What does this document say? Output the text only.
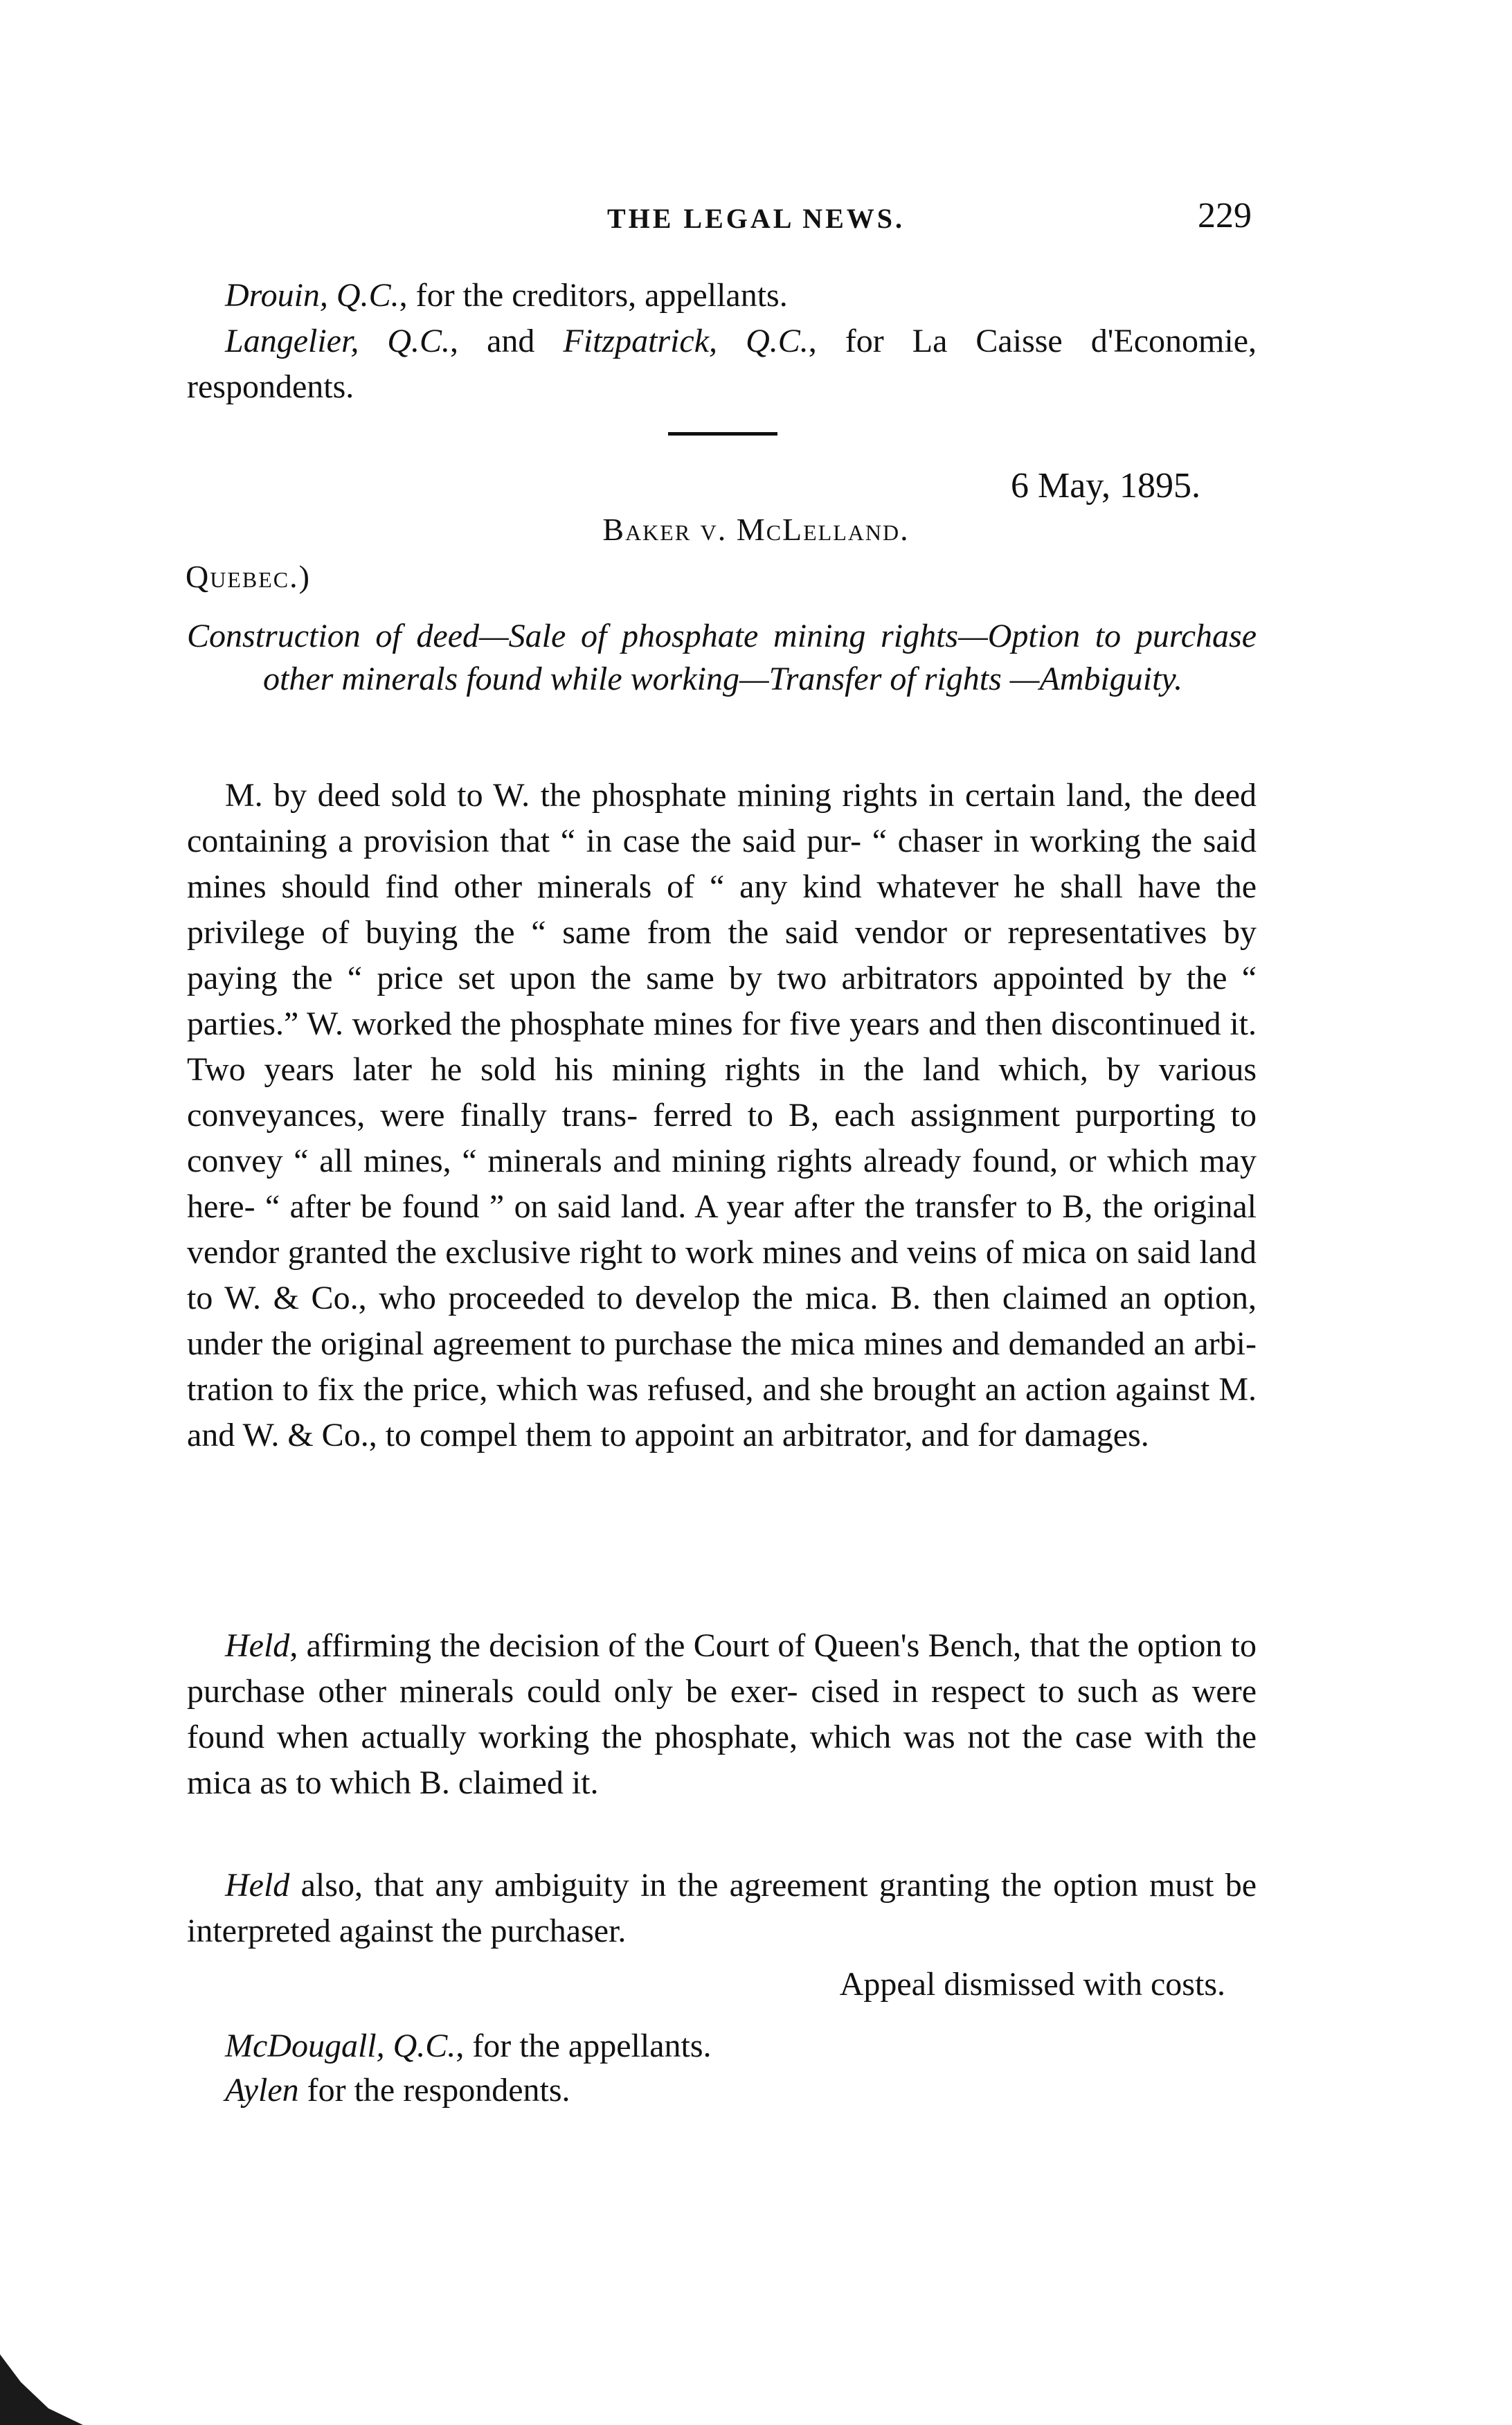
THE LEGAL NEWS.	229
Drouin, Q.C., for the creditors, appellants.
Langelier, Q.C., and Fitzpatrick, Q.C., for La Caisse d'Economie, respondents.
6 May, 1895.
Baker v. McLelland.
Quebec.)
Construction of deed—Sale of phosphate mining rights—Option to purchase other minerals found while working—Transfer of rights —Ambiguity.
M. by deed sold to W. the phosphate mining rights in certain land, the deed containing a provision that “ in case the said pur- “ chaser in working the said mines should find other minerals of “ any kind whatever he shall have the privilege of buying the “ same from the said vendor or representatives by paying the “ price set upon the same by two arbitrators appointed by the “ parties.” W. worked the phosphate mines for five years and then discontinued it. Two years later he sold his mining rights in the land which, by various conveyances, were finally trans- ferred to B, each assignment purporting to convey “ all mines, “ minerals and mining rights already found, or which may here- “ after be found ” on said land. A year after the transfer to B, the original vendor granted the exclusive right to work mines and veins of mica on said land to W. & Co., who proceeded to develop the mica. B. then claimed an option, under the original agreement to purchase the mica mines and demanded an arbi- tration to fix the price, which was refused, and she brought an action against M. and W. & Co., to compel them to appoint an arbitrator, and for damages.
Held, affirming the decision of the Court of Queen's Bench, that the option to purchase other minerals could only be exer- cised in respect to such as were found when actually working the phosphate, which was not the case with the mica as to which B. claimed it.
Held also, that any ambiguity in the agreement granting the option must be interpreted against the purchaser.
Appeal dismissed with costs.
McDougall, Q.C., for the appellants.
Aylen for the respondents.
